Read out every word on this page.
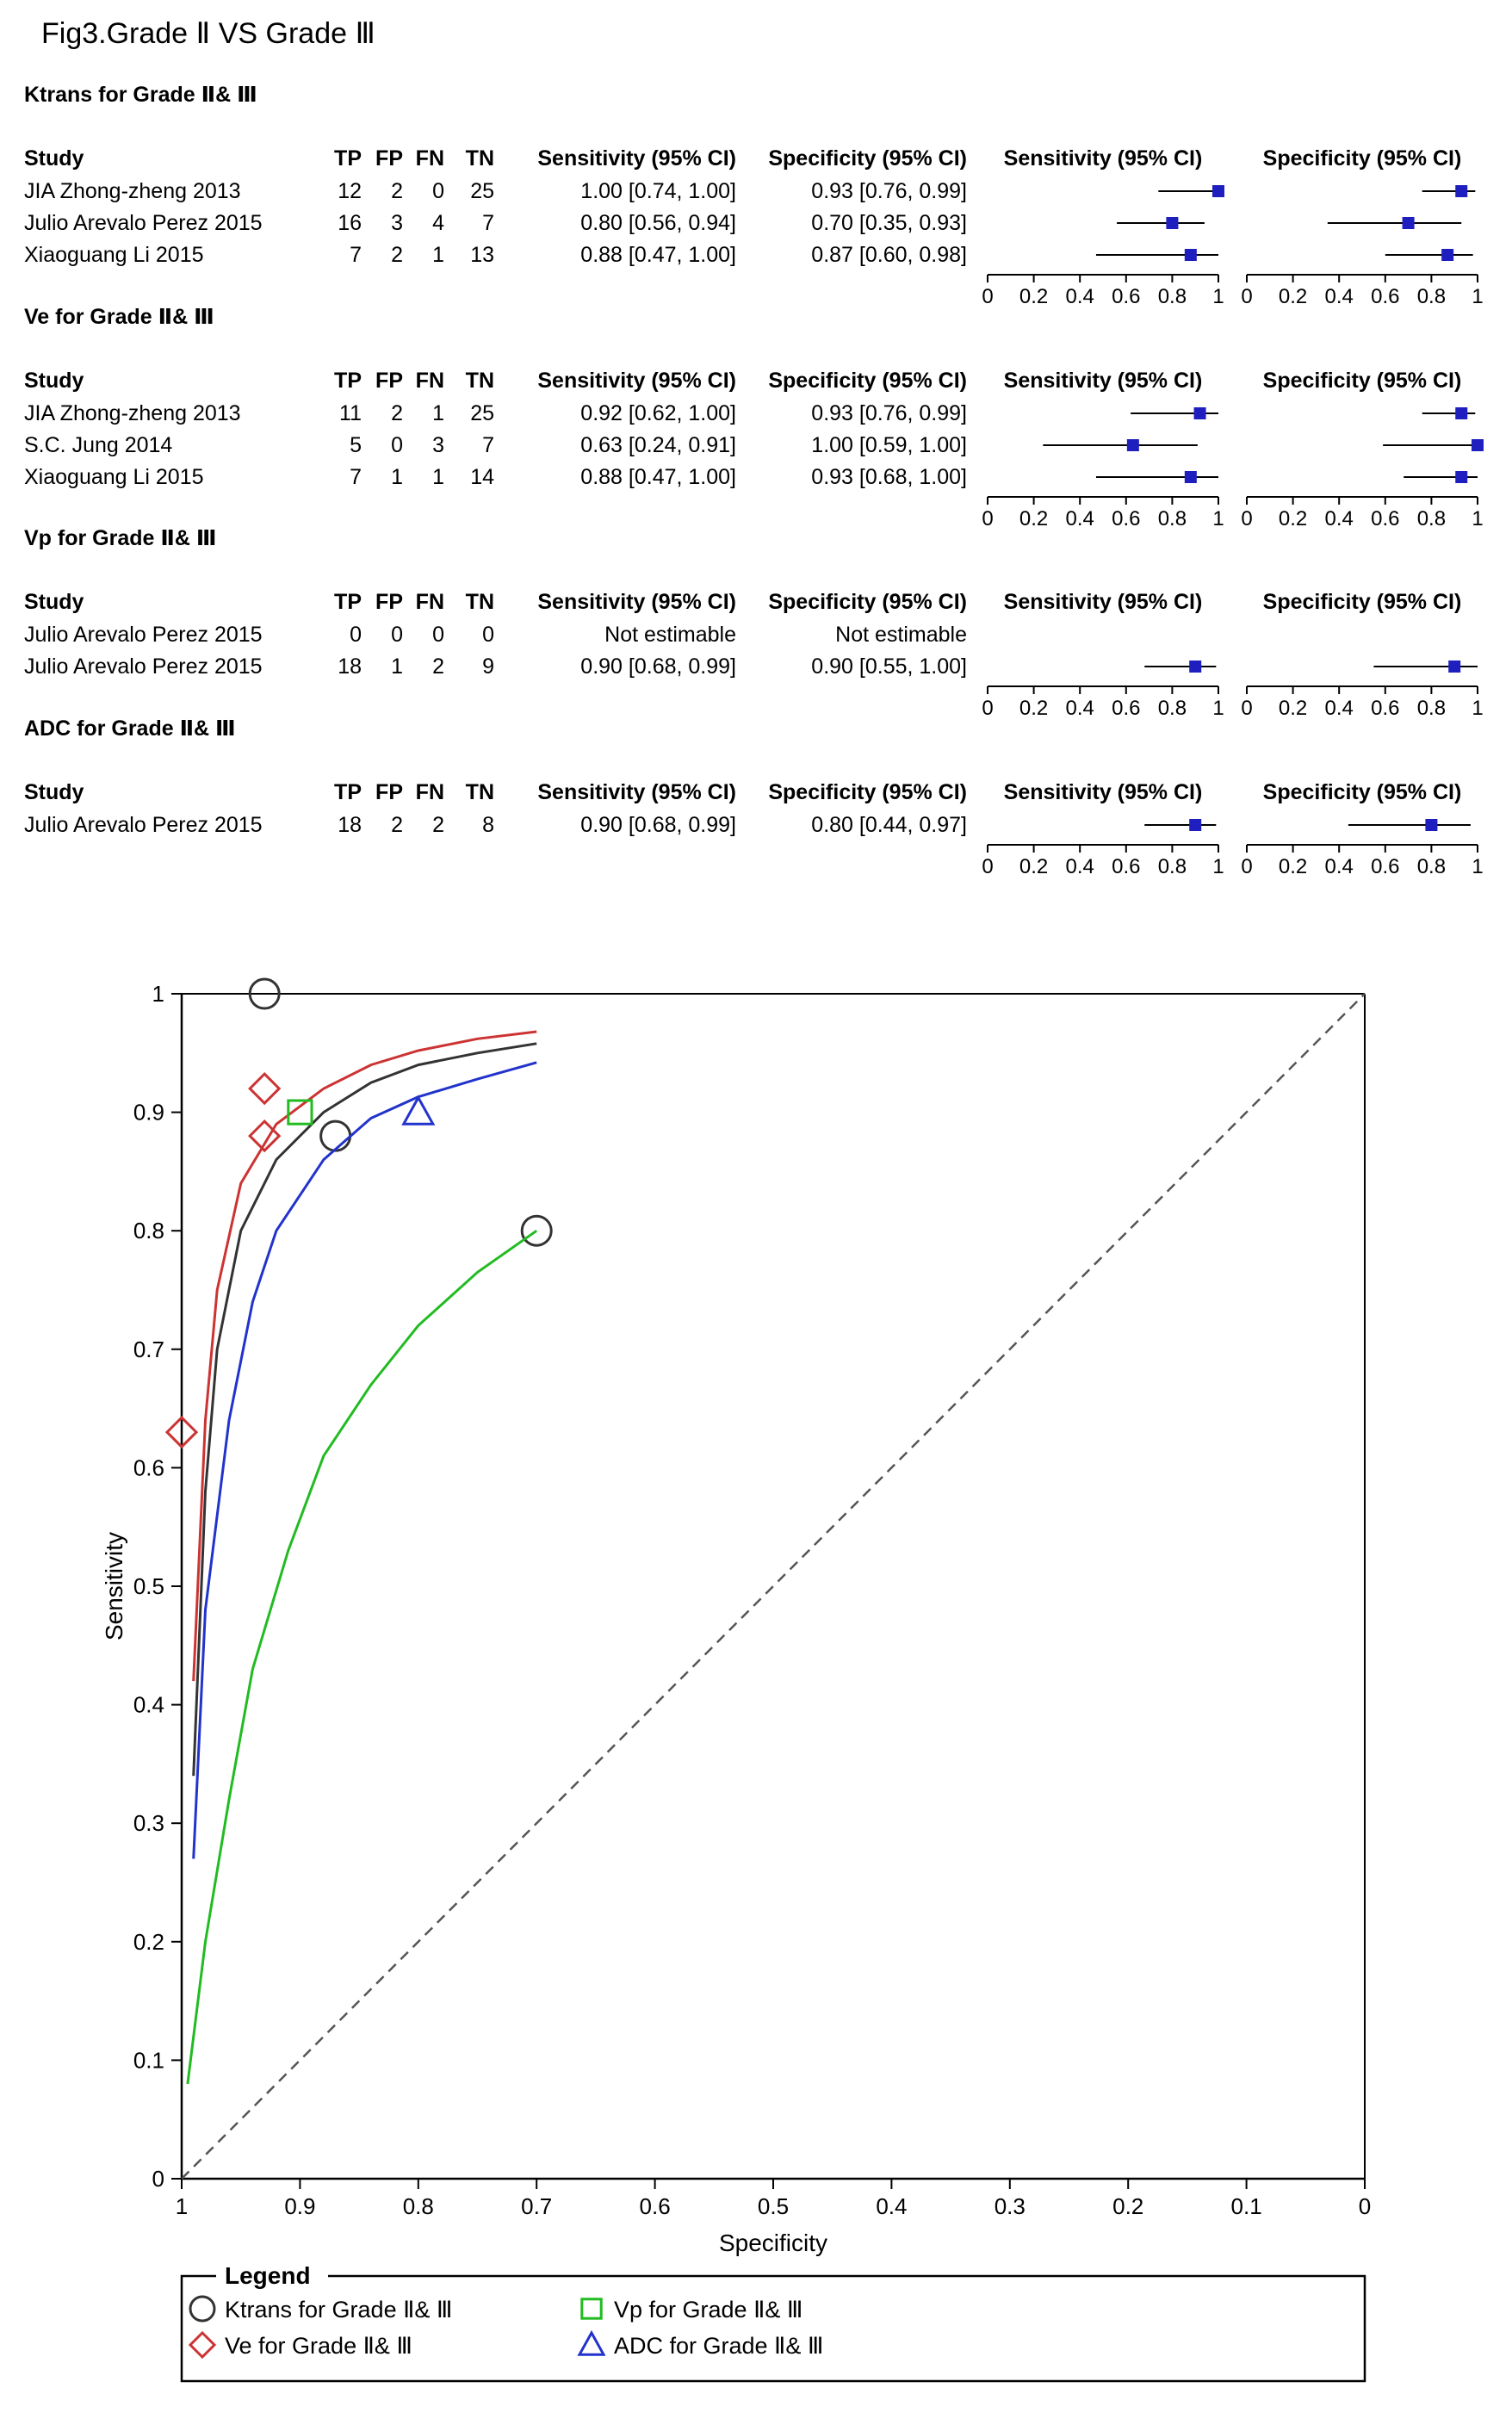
Fig3.Grade Ⅱ VS Grade Ⅲ
Ktrans for Grade Ⅱ& Ⅲ
Study	TP FP FN TN Sensitivity (95% CI) Specificity (95% CI) Sensitivity (95% CI)	Specificity (95% CI)
JIA Zhong-zheng 2013	12 2 0 25	1.00 [0.74, 1.00]	0.93 [0.76, 0.99]
Julio Arevalo Perez 2015	16 3 4 7	0.80 [0.56, 0.94]	0.70 [0.35, 0.93]
Xiaoguang Li 2015	7 2 1 13	0.88 [0.47, 1.00]	0.87 [0.60, 0.98]
0 0.2 0.4 0.6 0.8 1 0 0.2 0.4 0.6 0.8 1
Ve for Grade Ⅱ& Ⅲ
Study	TP FP FN TN Sensitivity (95% CI) Specificity (95% CI) Sensitivity (95% CI)	Specificity (95% CI)
JIA Zhong-zheng 2013	11 2 1 25	0.92 [0.62, 1.00]	0.93 [0.76, 0.99]
S.C. Jung 2014	5 0 3 7	0.63 [0.24, 0.91]	1.00 [0.59, 1.00]
Xiaoguang Li 2015	7 1 1 14	0.88 [0.47, 1.00]	0.93 [0.68, 1.00]
0 0.2 0.4 0.6 0.8 1 0 0.2 0.4 0.6 0.8 1
Vp for Grade Ⅱ& Ⅲ
Study	TP FP FN TN Sensitivity (95% CI) Specificity (95% CI) Sensitivity (95% CI)	Specificity (95% CI)
Julio Arevalo Perez 2015	0 0 0 0	Not estimable	Not estimable
Julio Arevalo Perez 2015	18 1 2 9	0.90 [0.68, 0.99]	0.90 [0.55, 1.00]
0 0.2 0.4 0.6 0.8 1 0 0.2 0.4 0.6 0.8 1
ADC for Grade Ⅱ& Ⅲ
Study	TP FP FN TN Sensitivity (95% CI) Specificity (95% CI) Sensitivity (95% CI)	Specificity (95% CI)
Julio Arevalo Perez 2015	18 2 2 8	0.90 [0.68, 0.99]	0.80 [0.44, 0.97]
0 0.2 0.4 0.6 0.8 1 0 0.2 0.4 0.6 0.8 1
1	0.9	0.8	0.7	0.6	0.5	0.4	0.3	0.2	0.1	0
0
0.1
0.2
0.3
0.4
0.5
0.6
0.7
0.8
0.9
1
Specificity
Sensitivity
Legend
Ktrans for Grade Ⅱ& Ⅲ	Vp for Grade Ⅱ& Ⅲ
Ve for Grade Ⅱ& Ⅲ	ADC for Grade Ⅱ& Ⅲ
